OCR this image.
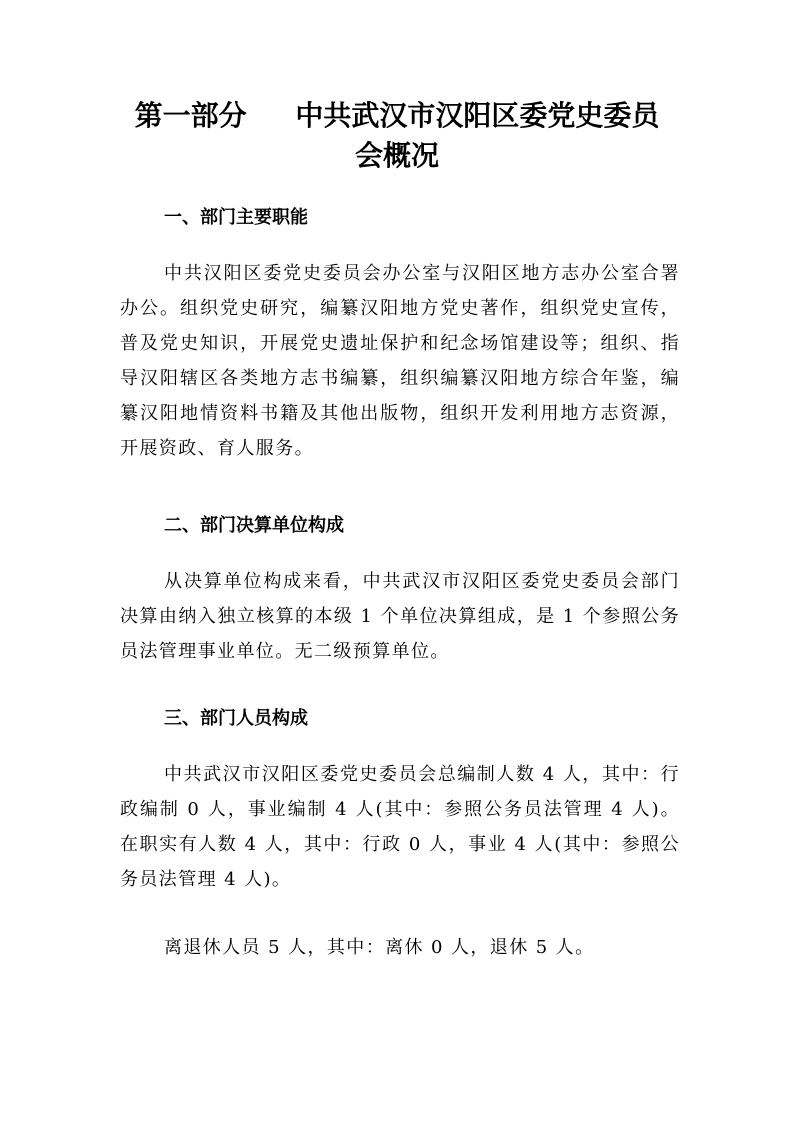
第一部分 中共武汉市汉阳区委党史委员
会概况
一、部门主要职能
中共汉阳区委党史委员会办公室与汉阳区地方志办公室合署办公。组织党史研究，编纂汉阳地方党史著作，组织党史宣传，普及党史知识，开展党史遗址保护和纪念场馆建设等；组织、指导汉阳辖区各类地方志书编纂，组织编纂汉阳地方综合年鉴，编纂汉阳地情资料书籍及其他出版物，组织开发利用地方志资源，开展资政、育人服务。
二、部门决算单位构成
从决算单位构成来看，中共武汉市汉阳区委党史委员会部门决算由纳入独立核算的本级 1 个单位决算组成，是 1 个参照公务员法管理事业单位。无二级预算单位。
三、部门人员构成
中共武汉市汉阳区委党史委员会总编制人数 4 人，其中：行政编制 0 人，事业编制 4 人(其中：参照公务员法管理 4 人)。在职实有人数 4 人，其中：行政 0 人，事业 4 人(其中：参照公务员法管理 4 人)。
离退休人员 5 人，其中：离休 0 人，退休 5 人。
